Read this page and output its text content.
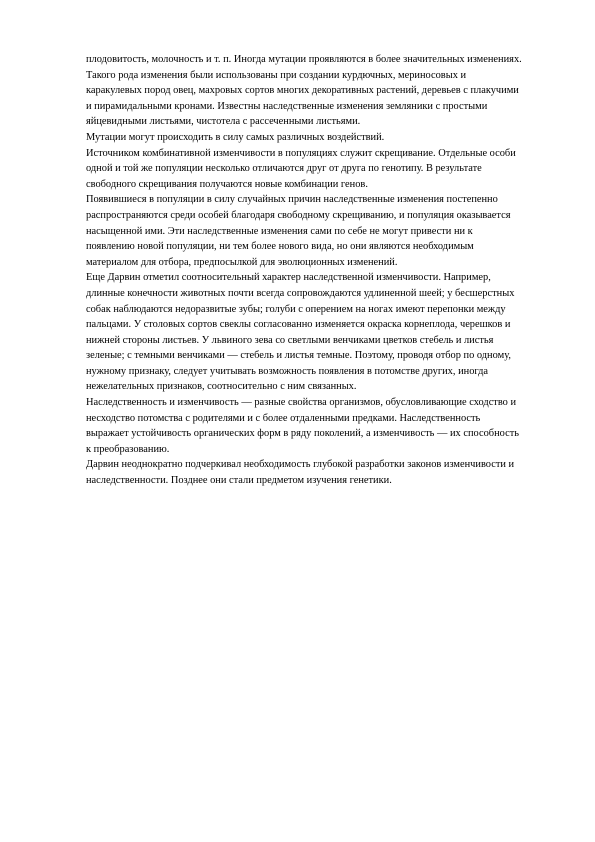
плодовитость, молочность и т. п. Иногда мутации проявляются в более значительных изменениях. Такого рода изменения были использованы при создании курдючных, мериносовых и каракулевых пород овец, махровых сортов многих декоративных растений, деревьев с плакучими и пирамидальными кронами. Известны наследственные изменения земляники с простыми яйцевидными листьями, чистотела с рассеченными листьями.

Мутации могут происходить в силу самых различных воздействий.

Источником комбинативной изменчивости в популяциях служит скрещивание. Отдельные особи одной и той же популяции несколько отличаются друг от друга по генотипу. В результате свободного скрещивания получаются новые комбинации генов.

Появившиеся в популяции в силу случайных причин наследственные изменения постепенно распространяются среди особей благодаря свободному скрещиванию, и популяция оказывается насыщенной ими. Эти наследственные изменения сами по себе не могут привести ни к появлению новой популяции, ни тем более нового вида, но они являются необходимым материалом для отбора, предпосылкой для эволюционных изменений.

Еще Дарвин отметил соотносительный характер наследственной изменчивости. Например, длинные конечности животных почти всегда сопровождаются удлиненной шеей; у бесшерстных собак наблюдаются недоразвитые зубы; голуби с оперением на ногах имеют перепонки между пальцами. У столовых сортов свеклы согласованно изменяется окраска корнеплода, черешков и нижней стороны листьев. У львиного зева со светлыми венчиками цветков стебель и листья зеленые; с темными венчиками — стебель и листья темные. Поэтому, проводя отбор по одному, нужному признаку, следует учитывать возможность появления в потомстве других, иногда нежелательных признаков, соотносительно с ним связанных.

Наследственность и изменчивость — разные свойства организмов, обусловливающие сходство и несходство потомства с родителями и с более отдаленными предками. Наследственность выражает устойчивость органических форм в ряду поколений, а изменчивость — их способность к преобразованию.

Дарвин неоднократно подчеркивал необходимость глубокой разработки законов изменчивости и наследственности. Позднее они стали предметом изучения генетики.
